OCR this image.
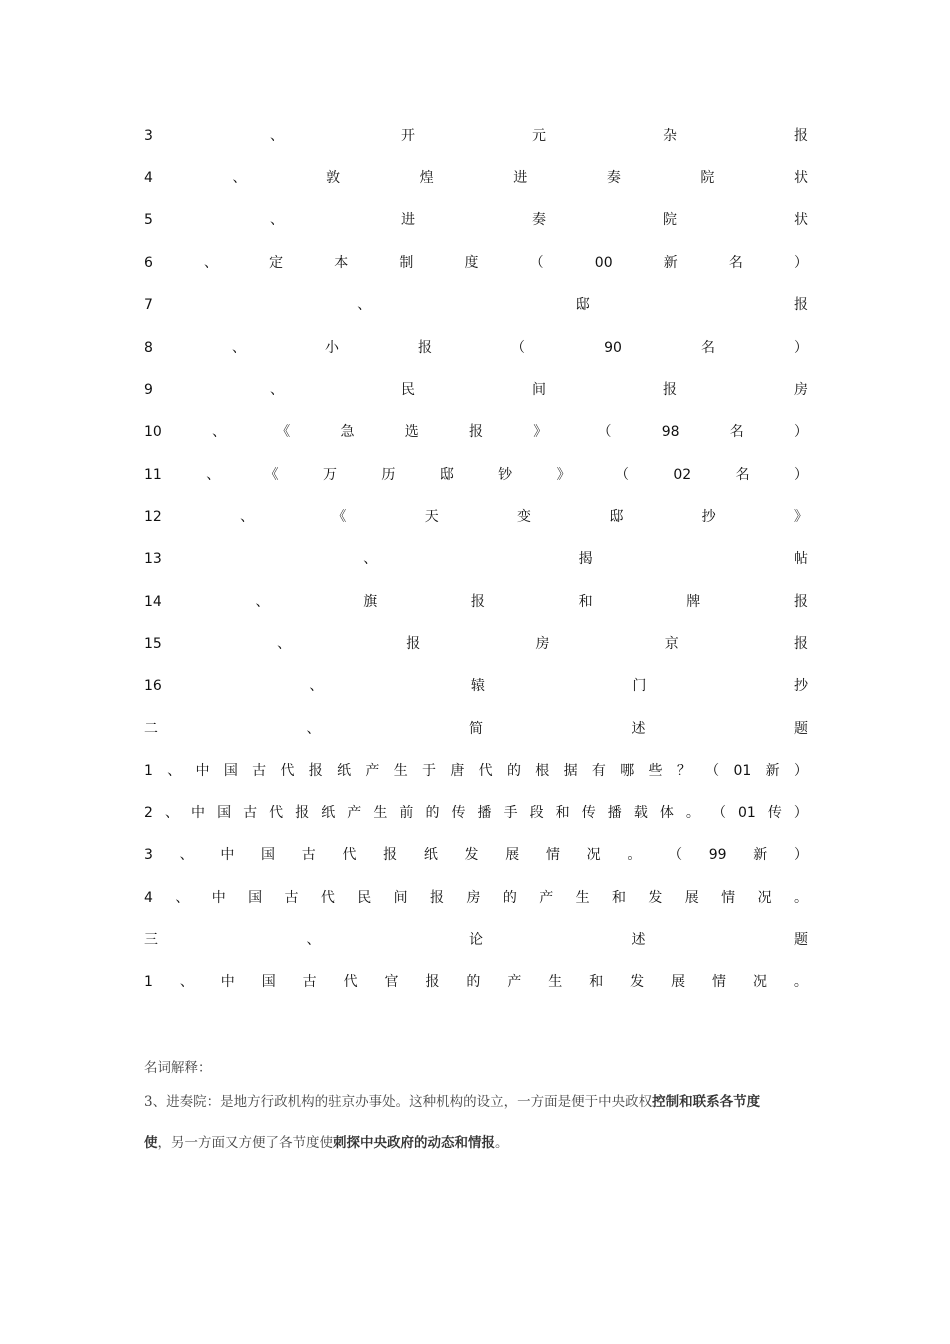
3	、	开	元	杂	报
4	、	敦	煌	进	奏	院	状
5	、	进	奏	院	状
6	、	定	本	制	度	（	00	新	名	）
7	、	邸	报
8	、	小	报	（	90	名	）
9	、	民	间	报	房
10	、	《	急	选	报	》	（	98	名	）
11	、	《	万	历	邸	钞	》	（	02	名	）
12	、	《	天	变	邸	抄	》
13	、	揭	帖
14	、	旗	报	和	牌	报
15	、	报	房	京	报
16	、	辕	门	抄
二	、	简	述	题
1 、 中 国 古 代 报 纸 产 生 于 唐 代 的 根 据 有 哪 些 ？ （ 01 新 ）
2 、 中 国 古 代 报 纸 产 生 前 的 传 播 手 段 和 传 播 载 体 。 （ 01 传 ）
3 、 中 国 古 代 报 纸 发 展 情 况 。 （ 99 新 ）
4 、 中 国 古 代 民 间 报 房 的 产 生 和 发 展 情 况 。
三	、	论	述	题
1 、 中 国 古 代 官 报 的 产 生 和 发 展 情 况 。
名词解释：
3、进奏院：是地方行政机构的驻京办事处。这种机构的设立，一方面是便于中央政权控制和联系各节度
使，另一方面又方便了各节度使刺探中央政府的动态和情报。
